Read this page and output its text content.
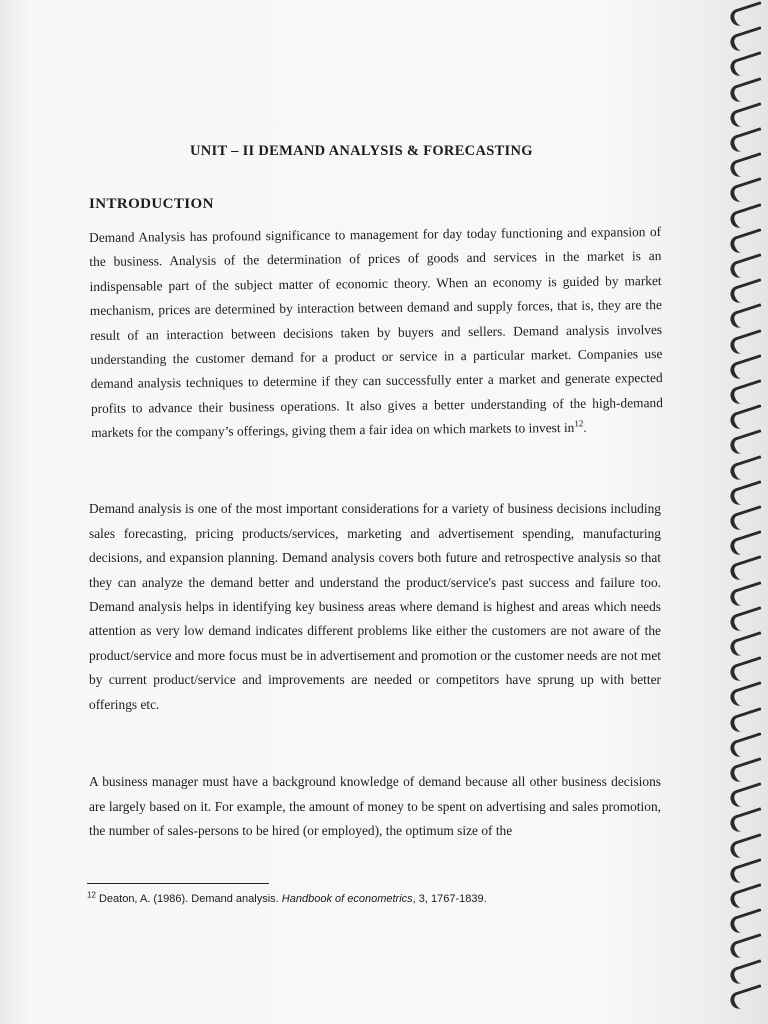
UNIT – II DEMAND ANALYSIS & FORECASTING
INTRODUCTION

Demand Analysis has profound significance to management for day today functioning and expansion of the business. Analysis of the determination of prices of goods and services in the market is an indispensable part of the subject matter of economic theory. When an economy is guided by market mechanism, prices are determined by interaction between demand and supply forces, that is, they are the result of an interaction between decisions taken by buyers and sellers. Demand analysis involves understanding the customer demand for a product or service in a particular market. Companies use demand analysis techniques to determine if they can successfully enter a market and generate expected profits to advance their business operations. It also gives a better understanding of the high-demand markets for the company’s offerings, giving them a fair idea on which markets to invest $in^{12}$.

Demand analysis is one of the most important considerations for a variety of business decisions including sales forecasting, pricing products/services, marketing and advertisement spending, manufacturing decisions, and expansion planning. Demand analysis covers both future and retrospective analysis so that they can analyze the demand better and understand the product/service's past success and failure too. Demand analysis helps in identifying key business areas where demand is highest and areas which needs attention as very low demand indicates different problems like either the customers are not aware of the product/service and more focus must be in advertisement and promotion or the customer needs are not met by current product/service and improvements are needed or competitors have sprung up with better offerings etc.

A business manager must have a background knowledge of demand because all other business decisions are largely based on it. For example, the amount of money to be spent on advertising and sales promotion, the number of sales-persons to be hired (or employed), the optimum size of the

$^{12}$ Deaton, A. (1986). Demand analysis. Handbook of econometrics, 3, 1767-1839.
